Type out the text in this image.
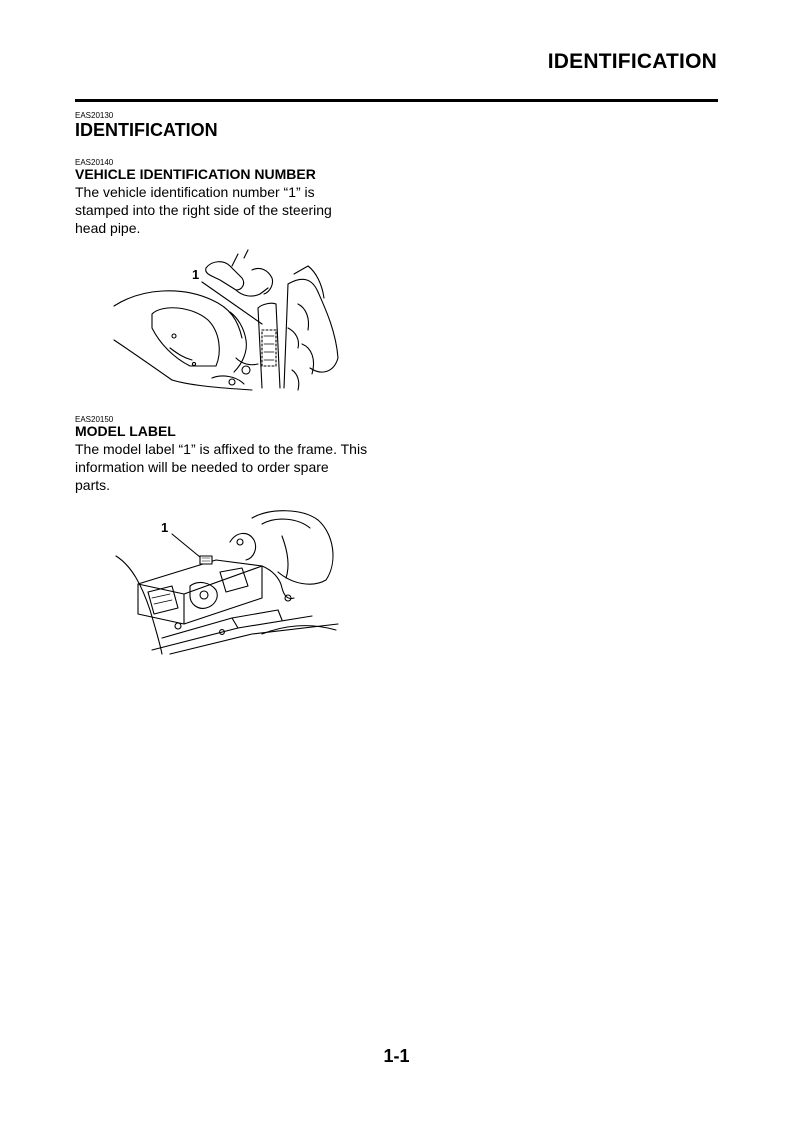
IDENTIFICATION
EAS20130
IDENTIFICATION
EAS20140
VEHICLE IDENTIFICATION NUMBER
The vehicle identification number “1” is
stamped into the right side of the steering
head pipe.
1
EAS20150
MODEL LABEL
The model label “1” is affixed to the frame. This
information will be needed to order spare
parts.
1
1-1
